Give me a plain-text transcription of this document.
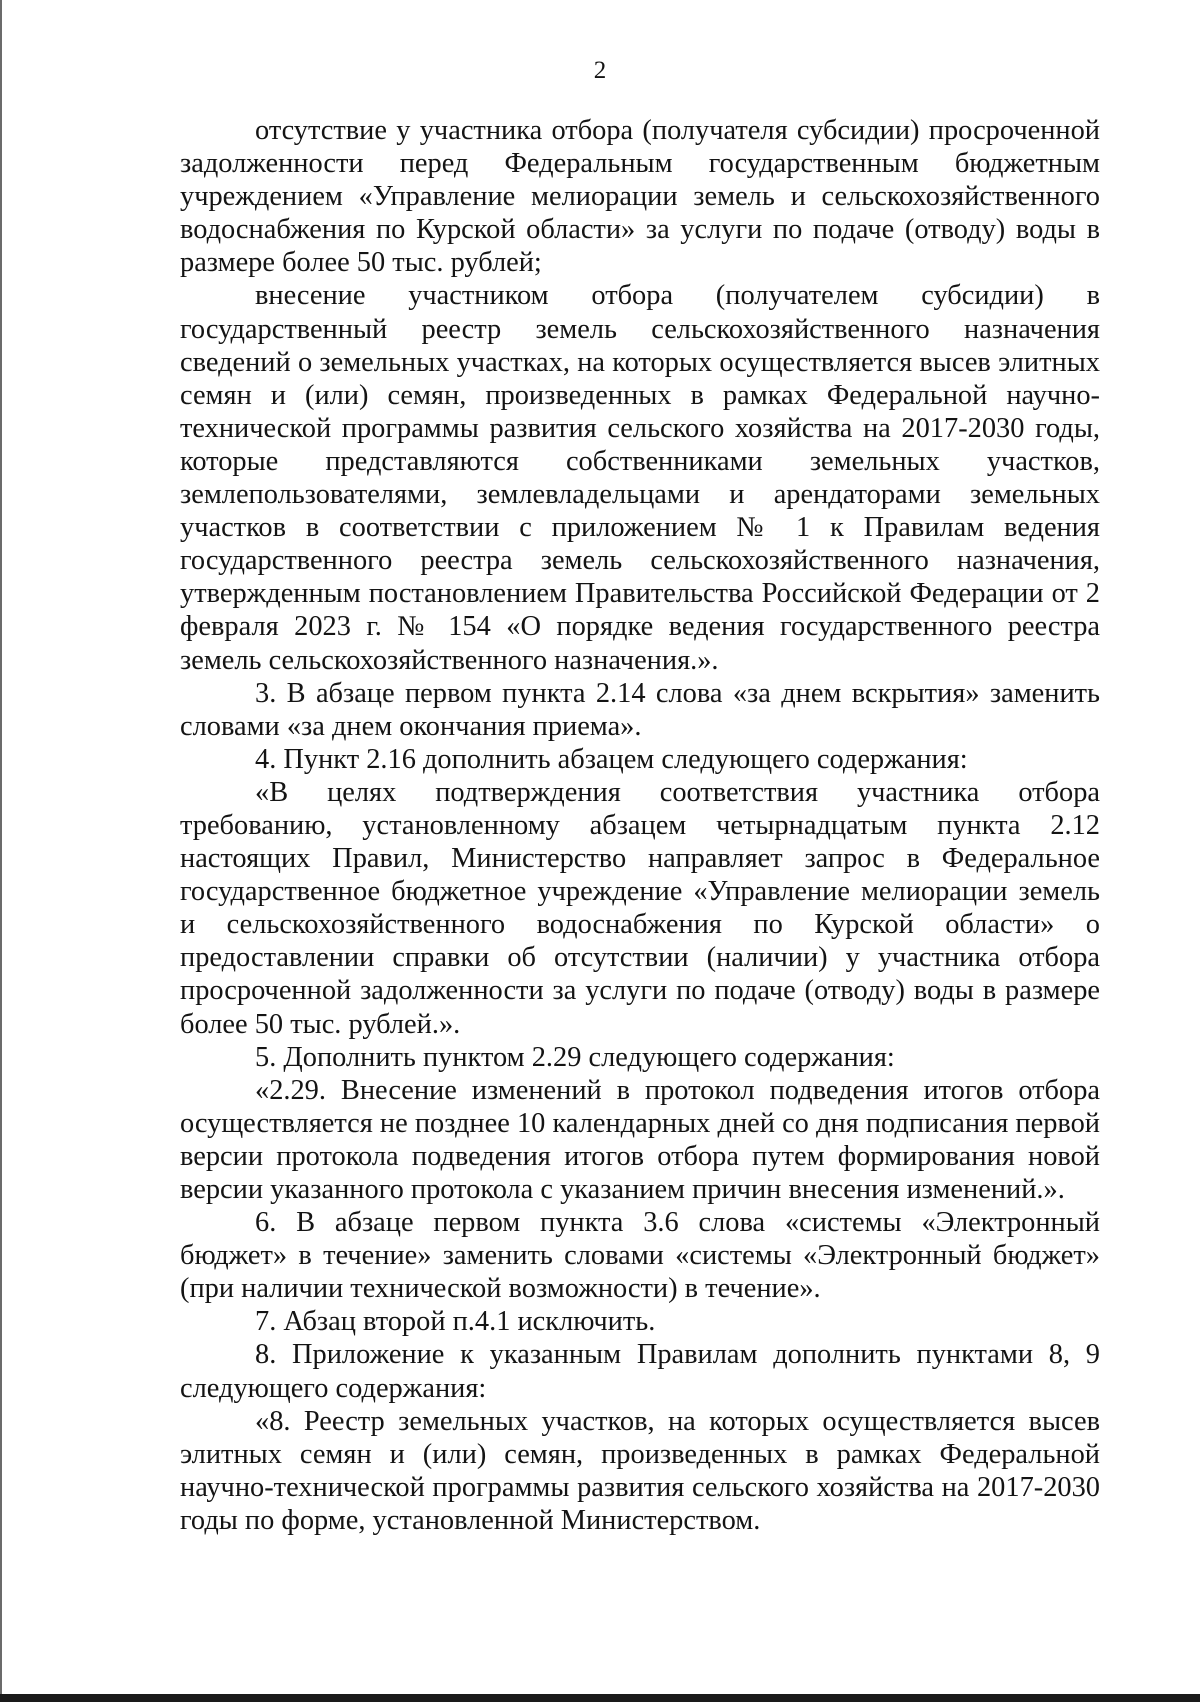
2

отсутствие у участника отбора (получателя субсидии) просроченной задолженности перед Федеральным государственным бюджетным учреждением «Управление мелиорации земель и сельскохозяйственного водоснабжения по Курской области» за услуги по подаче (отводу) воды в размере более 50 тыс. рублей;

внесение участником отбора (получателем субсидии) в государственный реестр земель сельскохозяйственного назначения сведений о земельных участках, на которых осуществляется высев элитных семян и (или) семян, произведенных в рамках Федеральной научно-технической программы развития сельского хозяйства на 2017-2030 годы, которые представляются собственниками земельных участков, землепользователями, землевладельцами и арендаторами земельных участков в соответствии с приложением № 1 к Правилам ведения государственного реестра земель сельскохозяйственного назначения, утвержденным постановлением Правительства Российской Федерации от 2 февраля 2023 г. № 154 «О порядке ведения государственного реестра земель сельскохозяйственного назначения.».

3. В абзаце первом пункта 2.14 слова «за днем вскрытия» заменить словами «за днем окончания приема».

4. Пункт 2.16 дополнить абзацем следующего содержания:

«В целях подтверждения соответствия участника отбора требованию, установленному абзацем четырнадцатым пункта 2.12 настоящих Правил, Министерство направляет запрос в Федеральное государственное бюджетное учреждение «Управление мелиорации земель и сельскохозяйственного водоснабжения по Курской области» о предоставлении справки об отсутствии (наличии) у участника отбора просроченной задолженности за услуги по подаче (отводу) воды в размере более 50 тыс. рублей.».

5. Дополнить пунктом 2.29 следующего содержания:

«2.29. Внесение изменений в протокол подведения итогов отбора осуществляется не позднее 10 календарных дней со дня подписания первой версии протокола подведения итогов отбора путем формирования новой версии указанного протокола с указанием причин внесения изменений.».

6. В абзаце первом пункта 3.6 слова «системы «Электронный бюджет» в течение» заменить словами «системы «Электронный бюджет» (при наличии технической возможности) в течение».

7. Абзац второй п.4.1 исключить.

8. Приложение к указанным Правилам дополнить пунктами 8, 9 следующего содержания:

«8. Реестр земельных участков, на которых осуществляется высев элитных семян и (или) семян, произведенных в рамках Федеральной научно-технической программы развития сельского хозяйства на 2017-2030 годы по форме, установленной Министерством.
